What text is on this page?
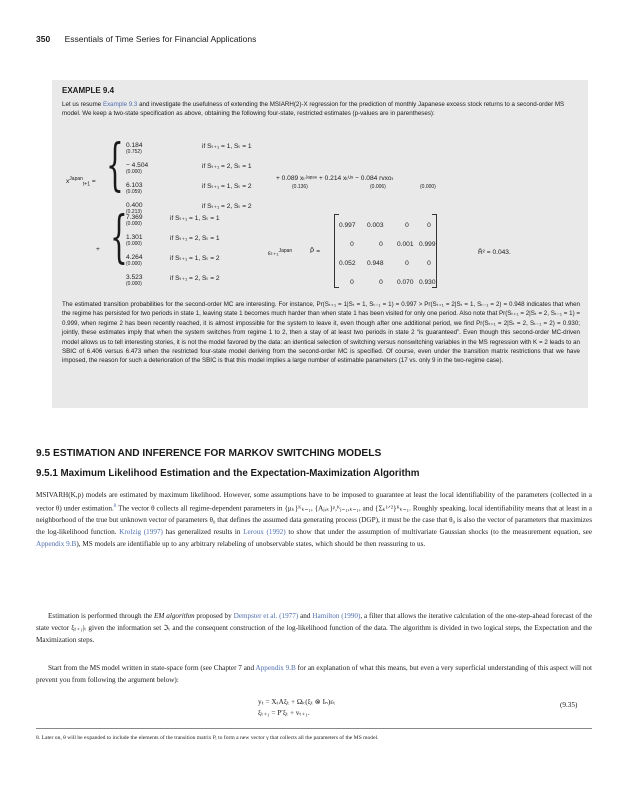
350 Essentials of Time Series for Financial Applications
EXAMPLE 9.4
Let us resume Example 9.3 and investigate the usefulness of extending the MSIARH(2)-X regression for the prediction of monthly Japanese excess stock returns to a second-order MS model. We keep a two-state specification as above, obtaining the following four-state, restricted estimates (p-values are in parentheses):
$x^{Japan}_{t+1}$ = { 0.184	if Sₜ₊₁ = 1, Sₜ = 1
(0.752)
− 4.504	if Sₜ₊₁ = 2, Sₜ = 1
(0.000)
6.103	if Sₜ₊₁ = 1, Sₜ = 2
(0.059)
0.400	if Sₜ₊₁ = 2, Sₜ = 2
(0.213)
+ 0.089 xₜᴶᵃᵖᵃⁿ + 0.214 xₜᵁˢ − 0.084 rvxoₜ
(0.136)	(0.006)	(0.000)
+ {
7.369	if Sₜ₊₁ = 1, Sₜ = 1
(0.000)
1.301	if Sₜ₊₁ = 2, Sₜ = 1
(0.000)
4.264	if Sₜ₊₁ = 1, Sₜ = 2
(0.000)
3.523	if Sₜ₊₁ = 2, Sₜ = 2
(0.000)
εₜ₊₁$^{Japan}$	P̂ =
0.997	0.003	0	0
0	0	0.001	0.999
0.052	0.948	0	0
0	0	0.070	0.930
R̄² = 0.043.
The estimated transition probabilities for the second-order MC are interesting. For instance, Pr(Sₜ₊₁ = 1|Sₜ = 1, Sₜ₋₁ = 1) = 0.997 > Pr(Sₜ₊₁ = 2|Sₜ = 1, Sₜ₋₁ = 2) = 0.948 indicates that when the regime has persisted for two periods in state 1, leaving state 1 becomes much harder than when state 1 has been visited for only one period. Also note that Pr(Sₜ₊₁ = 2|Sₜ = 2, Sₜ₋₁ = 1) = 0.999, when regime 2 has been recently reached, it is almost impossible for the system to leave it, even though after one additional period, we find Pr(Sₜ₊₁ = 2|Sₜ = 2, Sₜ₋₁ = 2) = 0.930; jointly, these estimates imply that when the system switches from regime 1 to 2, then a stay of at least two periods in state 2 “is guaranteed”. Even though this second-order MC-driven model allows us to tell interesting stories, it is not the model favored by the data: an identical selection of switching versus nonswitching variables in the MS regression with K = 2 leads to an SBIC of 6.406 versus 6.473 when the restricted four-state model deriving from the second-order MC is specified. Of course, even under the transition matrix restrictions that we have imposed, the reason for such a deterioration of the SBIC is that this model implies a large number of estimable parameters (17 vs. only 9 in the two-regime case).
9.5 ESTIMATION AND INFERENCE FOR MARKOV SWITCHING MODELS
9.5.1 Maximum Likelihood Estimation and the Expectation-Maximization Algorithm
MSIVARH(K,p) models are estimated by maximum likelihood. However, some assumptions have to be imposed to guarantee at least the local identifiability of the parameters (collected in a vector θ) under estimation.$^8$ The vector θ collects all regime-dependent parameters in {μₖ}ᴷₖ₌₁, {Aⱼ,ₖ}ᵖ,ᴷⱼ₌₁,ₖ₌₁, and {Σₖ¹ᐟ²}ᴷₖ₌₁. Roughly speaking, local identifiability means that at least in a neighborhood of the true but unknown vector of parameters θ₀ that defines the assumed data generating process (DGP), it must be the case that θ₀ is also the vector of parameters that maximizes the log-likelihood function. Krolzig (1997) has generalized results in Leroux (1992) to show that under the assumption of multivariate Gaussian shocks (to the measurement equation, see Appendix 9.B), MS models are identifiable up to any arbitrary relabeling of unobservable states, which should be then reassuring to us.
Estimation is performed through the EM algorithm proposed by Dempster et al. (1977) and Hamilton (1990), a filter that allows the iterative calculation of the one-step-ahead forecast of the state vector ξₜ₊₁|ₜ given the information set ℑₜ and the consequent construction of the log-likelihood function of the data. The algorithm is divided in two logical steps, the Expectation and the Maximization steps.
Start from the MS model written in state-space form (see Chapter 7 and Appendix 9.B for an explanation of what this means, but even a very superficial understanding of this aspect will not prevent you from following the argument below):
yₜ = XₜAξₜ + Ωₖ(ξₜ ⊗ Iₙ)εₜ
ξₜ₊₁ = P′ξₜ + vₜ₊₁.
(9.35)
8. Later on, θ will be expanded to include the elements of the transition matrix P, to form a new vector γ that collects all the parameters of the MS model.
